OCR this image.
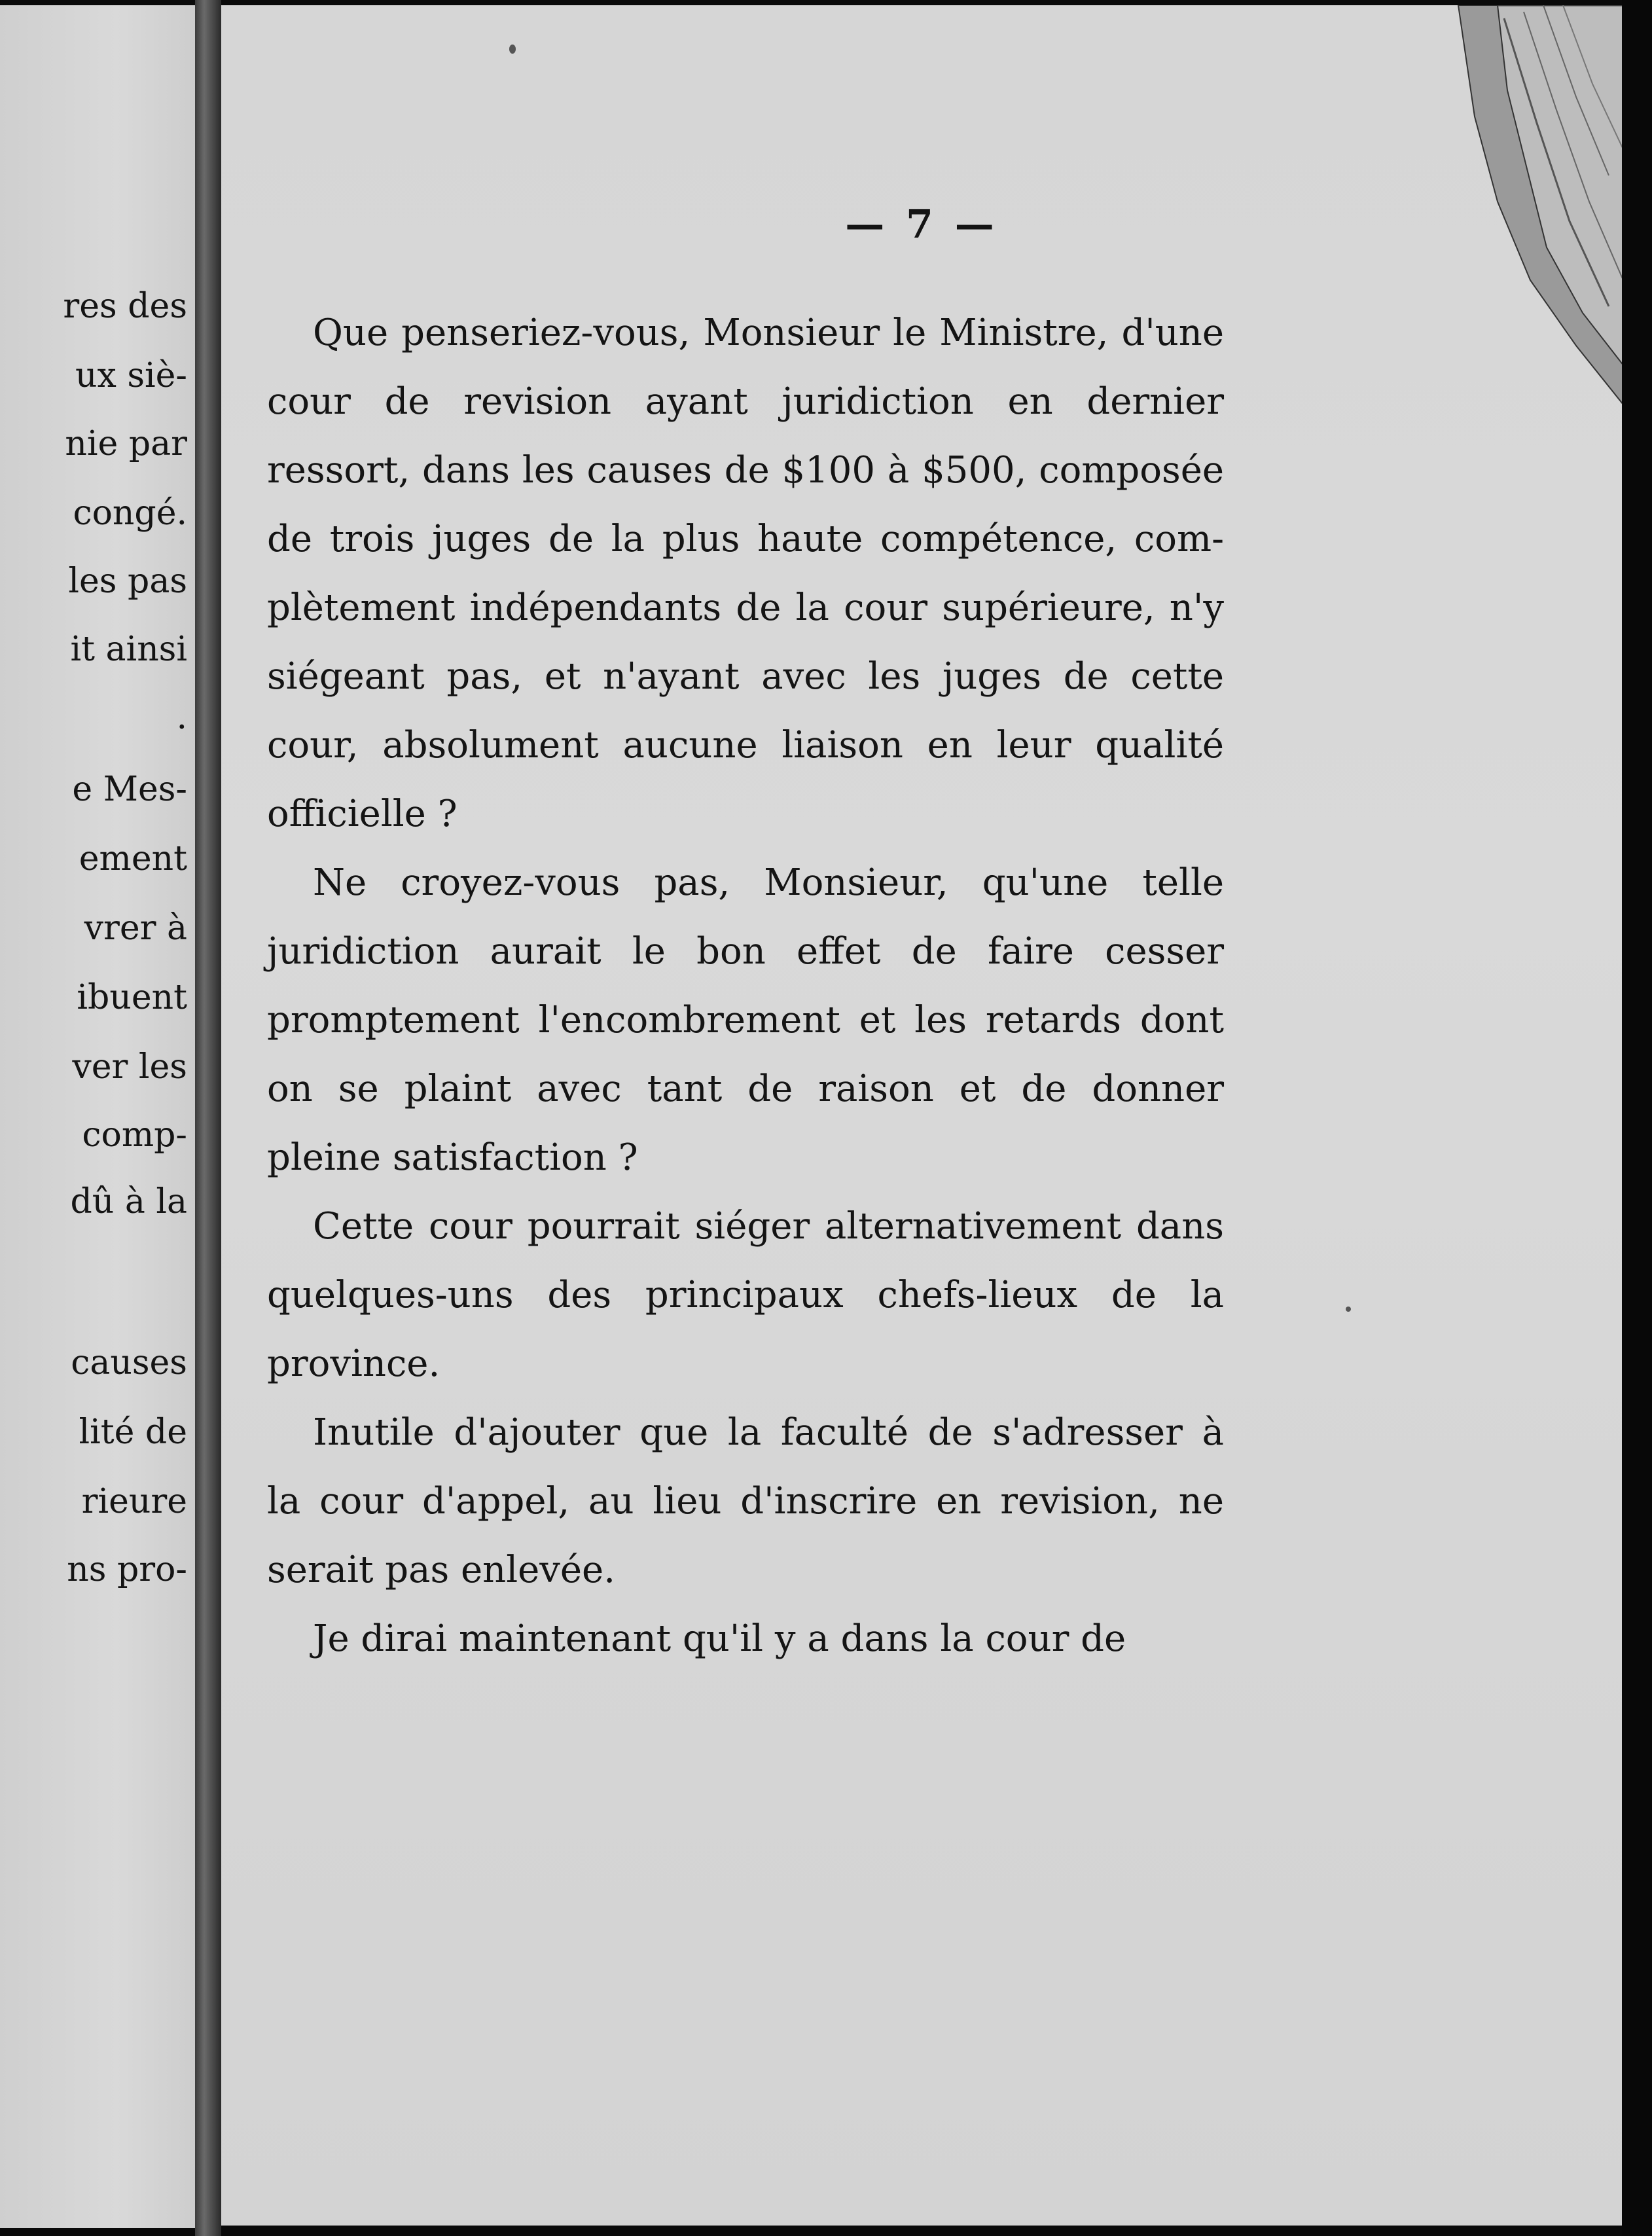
res des
ux siè-
nie par
congé.
les pas
it ainsi
.
e Mes-
ement
vrer à
ibuent
ver les
comp-
dû à la
causes
lité de
rieure
ns pro-
— 7 —
Que penseriez-vous, Monsieur le Ministre, d'une
cour de revision ayant juridiction en dernier
ressort, dans les causes de $100 à $500, composée
de trois juges de la plus haute compétence, com-
plètement indépendants de la cour supérieure, n'y
siégeant pas, et n'ayant avec les juges de cette
cour, absolument aucune liaison en leur qualité
officielle ?
Ne croyez-vous pas, Monsieur, qu'une telle
juridiction aurait le bon effet de faire cesser
promptement l'encombrement et les retards dont
on se plaint avec tant de raison et de donner
pleine satisfaction ?
Cette cour pourrait siéger alternativement dans
quelques-uns des principaux chefs-lieux de la
province.
Inutile d'ajouter que la faculté de s'adresser à
la cour d'appel, au lieu d'inscrire en revision, ne
serait pas enlevée.
Je dirai maintenant qu'il y a dans la cour de
